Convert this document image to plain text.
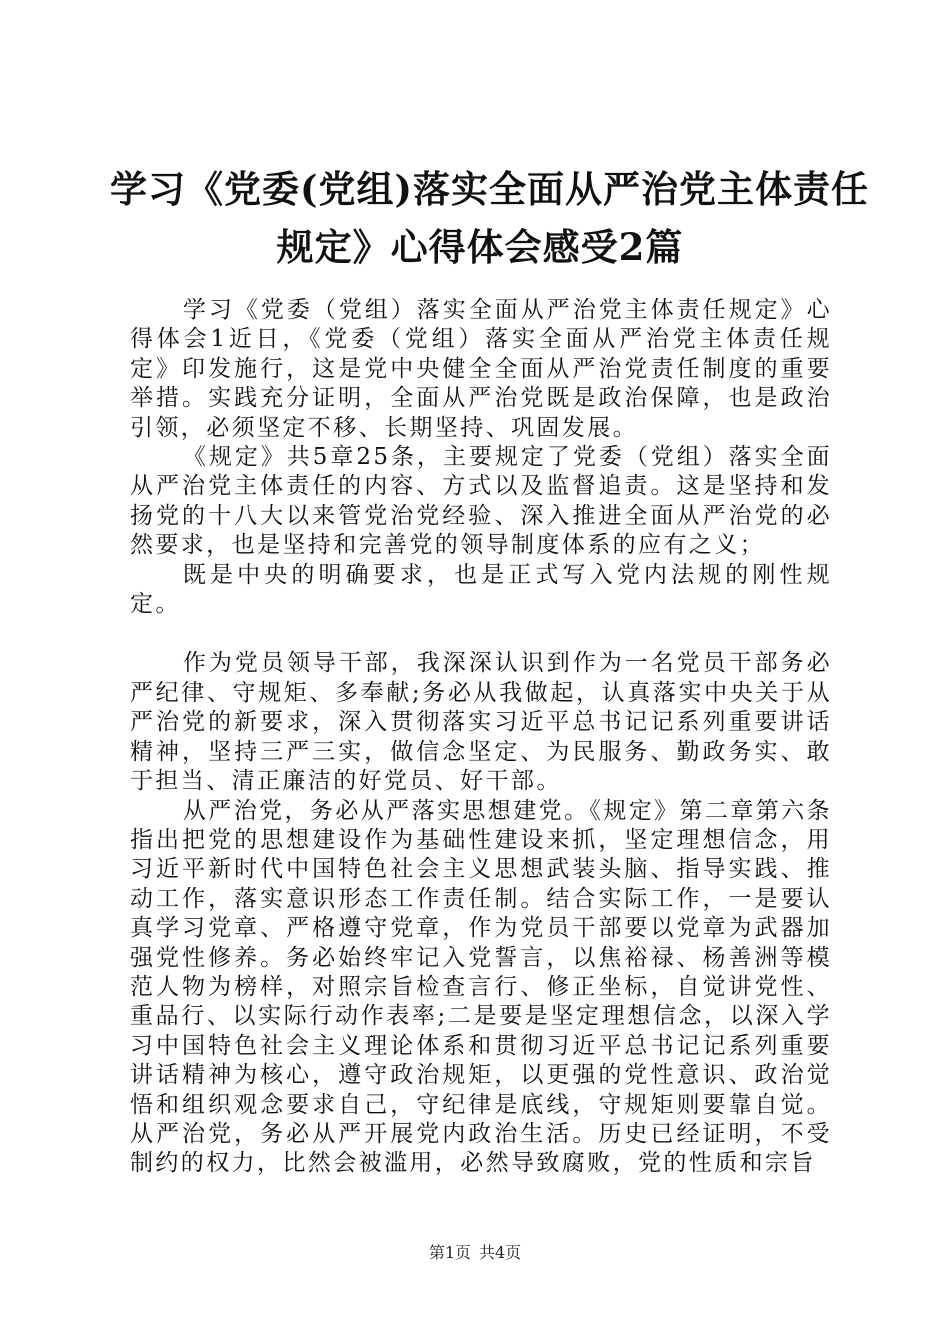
学习《党委(党组)落实全面从严治党主体责任
规定》心得体会感受2篇

学习《党委（党组）落实全面从严治党主体责任规定》心得体会1近日，《党委（党组）落实全面从严治党主体责任规定》印发施行，这是党中央健全全面从严治党责任制度的重要举措。实践充分证明，全面从严治党既是政治保障，也是政治引领，必须坚定不移、长期坚持、巩固发展。

《规定》共5章25条，主要规定了党委（党组）落实全面从严治党主体责任的内容、方式以及监督追责。这是坚持和发扬党的十八大以来管党治党经验、深入推进全面从严治党的必然要求，也是坚持和完善党的领导制度体系的应有之义；

既是中央的明确要求，也是正式写入党内法规的刚性规定。

作为党员领导干部，我深深认识到作为一名党员干部务必严纪律、守规矩、多奉献;务必从我做起，认真落实中央关于从严治党的新要求，深入贯彻落实习近平总书记记系列重要讲话精神，坚持三严三实，做信念坚定、为民服务、勤政务实、敢于担当、清正廉洁的好党员、好干部。

从严治党，务必从严落实思想建党。《规定》第二章第六条指出把党的思想建设作为基础性建设来抓，坚定理想信念，用习近平新时代中国特色社会主义思想武装头脑、指导实践、推动工作，落实意识形态工作责任制。结合实际工作，一是要认真学习党章、严格遵守党章，作为党员干部要以党章为武器加强党性修养。务必始终牢记入党誓言，以焦裕禄、杨善洲等模范人物为榜样，对照宗旨检查言行、修正坐标，自觉讲党性、重品行、以实际行动作表率;二是要是坚定理想信念，以深入学习中国特色社会主义理论体系和贯彻习近平总书记记系列重要讲话精神为核心，遵守政治规矩，以更强的党性意识、政治觉悟和组织观念要求自己，守纪律是底线，守规矩则要靠自觉。从严治党，务必从严开展党内政治生活。历史已经证明，不受制约的权力，比然会被滥用，必然导致腐败，党的性质和宗旨

第1页 共4页
